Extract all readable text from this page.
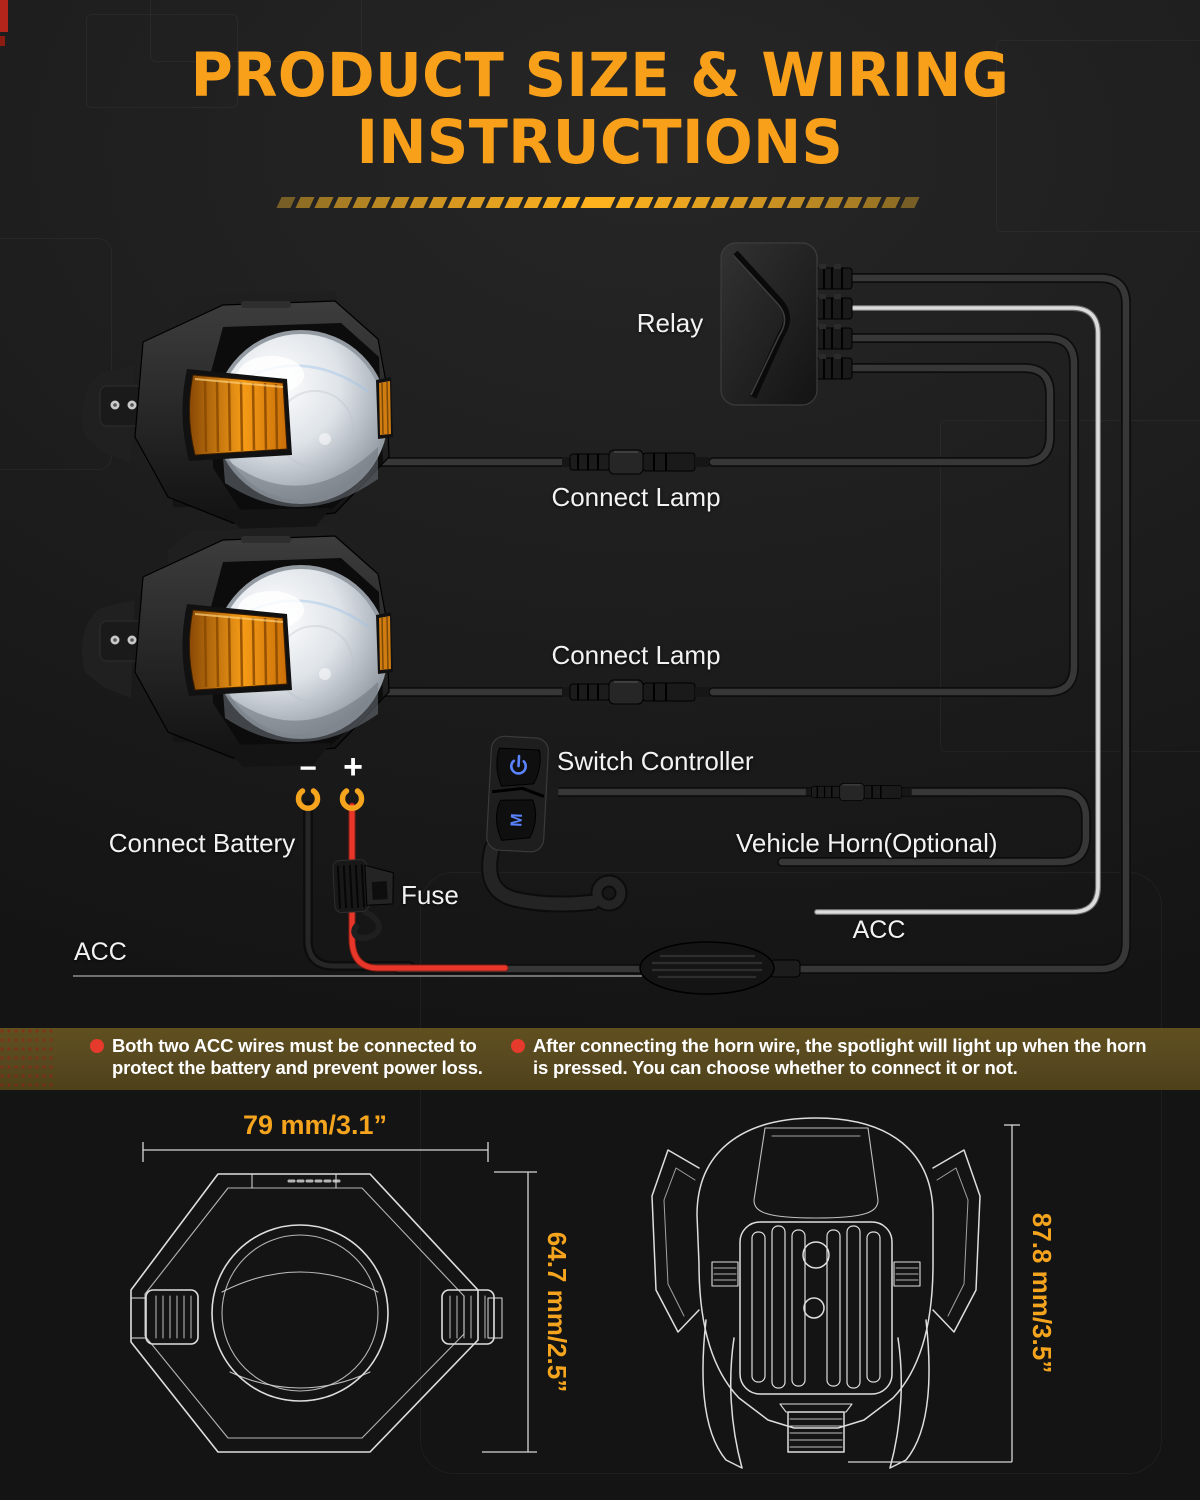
PRODUCT SIZE & WIRING
INSTRUCTIONS
M
Relay
Connect Lamp
Connect Lamp
Switch Controller
Connect Battery	Vehicle Horn(Optional)
Fuse
ACC
ACC
− +
79 mm/3.1”
64.7 mm/2.5”	87.8 mm/3.5”
Both two ACC wires must be connected to protect the battery and prevent power loss.
After connecting the horn wire, the spotlight will light up when the horn is pressed. You can choose whether to connect it or not.
